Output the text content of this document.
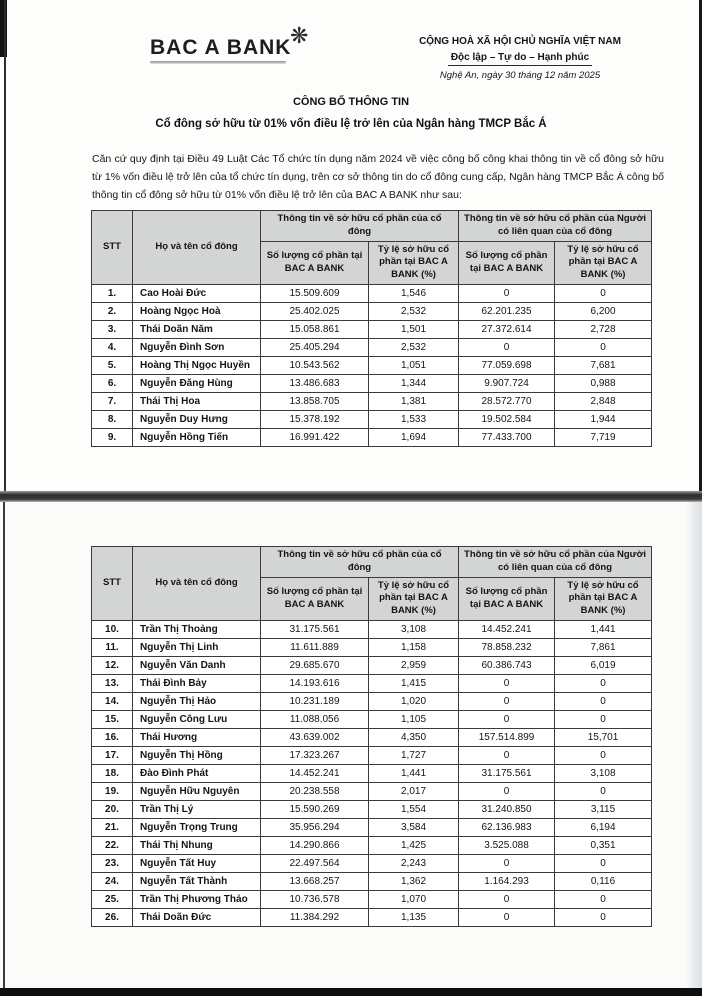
BAC A BANK
❋	CỘNG HOÀ XÃ HỘI CHỦ NGHĨA VIỆT NAM
Độc lập – Tự do – Hạnh phúc
Nghệ An, ngày 30 tháng 12 năm 2025
CÔNG BỐ THÔNG TIN
Cổ đông sở hữu từ 01% vốn điều lệ trở lên của Ngân hàng TMCP Bắc Á

Căn cứ quy định tại Điều 49 Luật Các Tổ chức tín dụng năm 2024 về việc công bố công khai thông tin về cổ đông sở hữu từ 1% vốn điều lệ trở lên của tổ chức tín dụng, trên cơ sở thông tin do cổ đông cung cấp, Ngân hàng TMCP Bắc Á công bố thông tin cổ đông sở hữu từ 01% vốn điều lệ trở lên của BAC A BANK như sau:

STT	Họ và tên cổ đông	Thông tin về sở hữu cổ phần của cổ đông		Thông tin về sở hữu cổ phần của Người có liên quan của cổ đông	
		Số lượng cổ phần tại BAC A BANK	Tỷ lệ sở hữu cổ phần tại BAC A BANK (%)	Số lượng cổ phần tại BAC A BANK	Tỷ lệ sở hữu cổ phần tại BAC A BANK (%)
1.	Cao Hoài Đức	15.509.609	1,546	0	0
2.	Hoàng Ngọc Hoà	25.402.025	2,532	62.201.235	6,200
3.	Thái Doãn Năm	15.058.861	1,501	27.372.614	2,728
4.	Nguyễn Đình Sơn	25.405.294	2,532	0	0
5.	Hoàng Thị Ngọc Huyền	10.543.562	1,051	77.059.698	7,681
6.	Nguyễn Đăng Hùng	13.486.683	1,344	9.907.724	0,988
7.	Thái Thị Hoa	13.858.705	1,381	28.572.770	2,848
8.	Nguyễn Duy Hưng	15.378.192	1,533	19.502.584	1,944
9.	Nguyễn Hồng Tiến	16.991.422	1,694	77.433.700	7,719
STT	Họ và tên cổ đông	Thông tin về sở hữu cổ phần của cổ đông		Thông tin về sở hữu cổ phần của Người có liên quan của cổ đông	
		Số lượng cổ phần tại BAC A BANK	Tỷ lệ sở hữu cổ phần tại BAC A BANK (%)	Số lượng cổ phần tại BAC A BANK	Tỷ lệ sở hữu cổ phần tại BAC A BANK (%)
10.	Trần Thị Thoảng	31.175.561	3,108	14.452.241	1,441
11.	Nguyễn Thị Linh	11.611.889	1,158	78.858.232	7,861
12.	Nguyễn Văn Danh	29.685.670	2,959	60.386.743	6,019
13.	Thái Đình Bảy	14.193.616	1,415	0	0
14.	Nguyễn Thị Hảo	10.231.189	1,020	0	0
15.	Nguyễn Công Lưu	11.088.056	1,105	0	0
16.	Thái Hương	43.639.002	4,350	157.514.899	15,701
17.	Nguyễn Thị Hồng	17.323.267	1,727	0	0
18.	Đào Đình Phát	14.452.241	1,441	31.175.561	3,108
19.	Nguyễn Hữu Nguyên	20.238.558	2,017	0	0
20.	Trần Thị Lý	15.590.269	1,554	31.240.850	3,115
21.	Nguyễn Trọng Trung	35.956.294	3,584	62.136.983	6,194
22.	Thái Thị Nhung	14.290.866	1,425	3.525.088	0,351
23.	Nguyễn Tất Huy	22.497.564	2,243	0	0
24.	Nguyễn Tất Thành	13.668.257	1,362	1.164.293	0,116
25.	Trần Thị Phương Thảo	10.736.578	1,070	0	0
26.	Thái Doãn Đức	11.384.292	1,135	0	0
